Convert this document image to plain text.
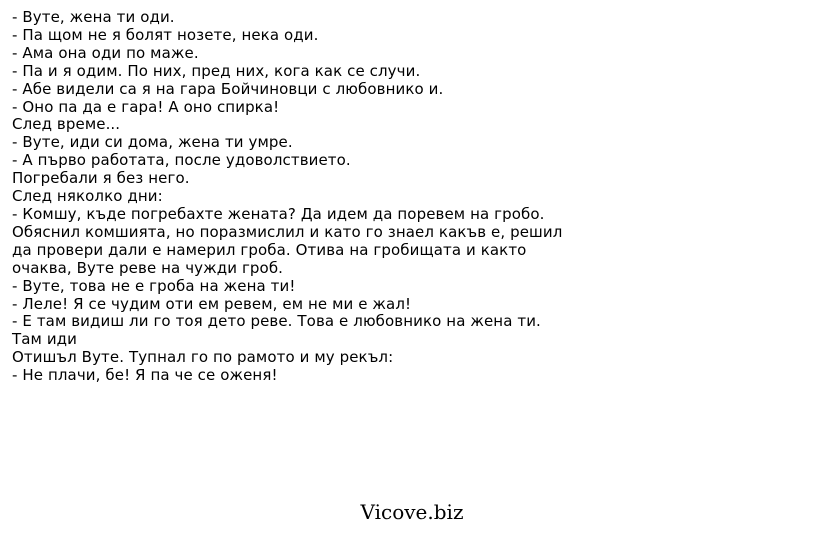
- Вуте, жена ти оди.
- Па щом не я болят нозете, нека оди.
- Ама она оди по маже.
- Па и я одим. По них, пред них, кога как се случи.
- Абе видели са я на гара Бойчиновци с любовнико и.
- Оно па да е гара! А оно спирка!
След време...
- Вуте, иди си дома, жена ти умре.
- А първо работата, после удоволствието.
Погребали я без него.
След няколко дни:
- Комшу, къде погребахте жената? Да идем да поревем на гробо.
Обяснил комшията, но поразмислил и като го знаел какъв е, решил
да провери дали е намерил гроба. Отива на гробищата и както
очаква, Вуте реве на чужди гроб.
- Вуте, това не е гроба на жена ти!
- Леле! Я се чудим оти ем ревем, ем не ми е жал!
- Е там видиш ли го тоя дето реве. Това е любовнико на жена ти.
Там иди
Отишъл Вуте. Тупнал го по рамото и му рекъл:
- Не плачи, бе! Я па че се оженя!
Vicove.biz
